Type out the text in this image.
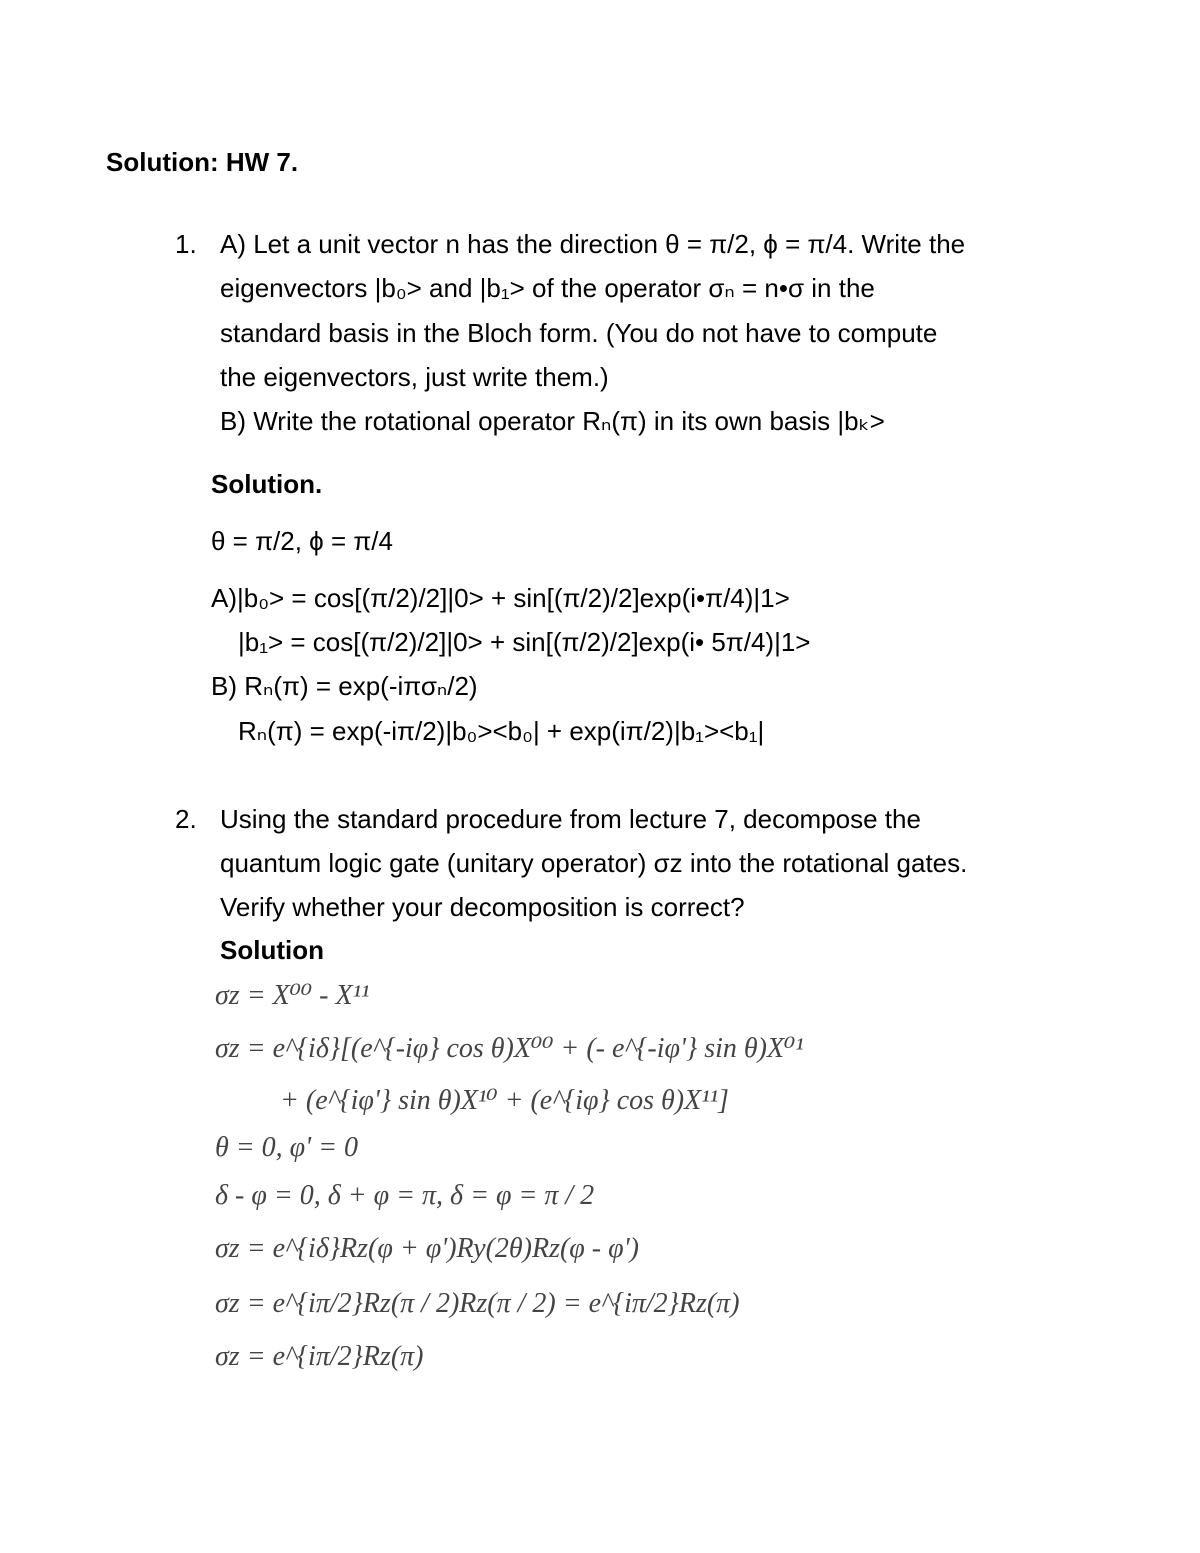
Solution: HW 7.
1. A) Let a unit vector n has the direction θ = π/2, ϕ = π/4. Write the
eigenvectors |b₀> and |b₁> of the operator σₙ = n•σ in the
standard basis in the Bloch form. (You do not have to compute
the eigenvectors, just write them.)
B) Write the rotational operator Rₙ(π) in its own basis |bₖ>
Solution.
θ = π/2, ϕ = π/4
A)|b₀> = cos[(π/2)/2]|0> + sin[(π/2)/2]exp(i•π/4)|1>
|b₁> = cos[(π/2)/2]|0> + sin[(π/2)/2]exp(i• 5π/4)|1>
B) Rₙ(π) = exp(-iπσₙ/2)
Rₙ(π) = exp(-iπ/2)|b₀><b₀| + exp(iπ/2)|b₁><b₁|
2. Using the standard procedure from lecture 7, decompose the
quantum logic gate (unitary operator) σz into the rotational gates.
Verify whether your decomposition is correct?
Solution
σz = X⁰⁰ - X¹¹
σz = e^{iδ}[(e^{-iφ} cos θ)X⁰⁰ + (- e^{-iφ'} sin θ)X⁰¹
+ (e^{iφ'} sin θ)X¹⁰ + (e^{iφ} cos θ)X¹¹]
θ = 0, φ' = 0
δ - φ = 0, δ + φ = π, δ = φ = π / 2
σz = e^{iδ}Rz(φ + φ')Ry(2θ)Rz(φ - φ')
σz = e^{iπ/2}Rz(π / 2)Rz(π / 2) = e^{iπ/2}Rz(π)
σz = e^{iπ/2}Rz(π)
